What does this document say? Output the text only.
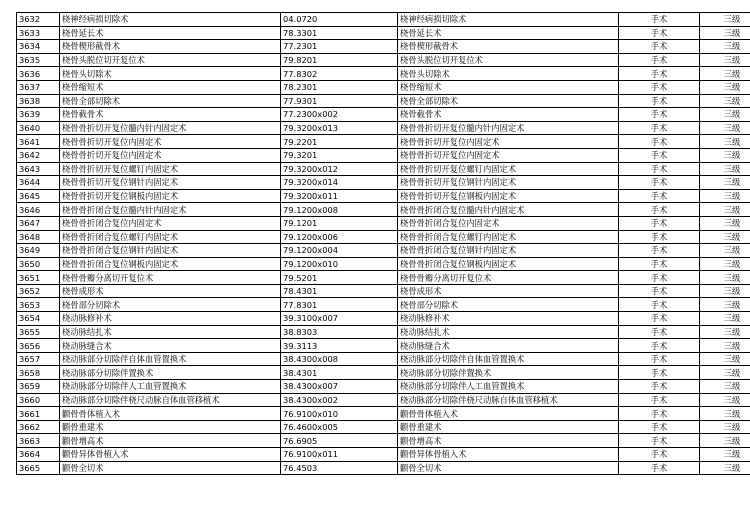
3632	桡神经病损切除术	04.0720	桡神经病损切除术	手术	三级
3633	桡骨延长术	78.3301	桡骨延长术	手术	三级
3634	桡骨楔形截骨术	77.2301	桡骨楔形截骨术	手术	三级
3635	桡骨头脱位切开复位术	79.8201	桡骨头脱位切开复位术	手术	三级
3636	桡骨头切除术	77.8302	桡骨头切除术	手术	三级
3637	桡骨缩短术	78.2301	桡骨缩短术	手术	三级
3638	桡骨全部切除术	77.9301	桡骨全部切除术	手术	三级
3639	桡骨截骨术	77.2300x002	桡骨截骨术	手术	三级
3640	桡骨骨折切开复位髓内针内固定术	79.3200x013	桡骨骨折切开复位髓内针内固定术	手术	三级
3641	桡骨骨折切开复位内固定术	79.2201	桡骨骨折切开复位内固定术	手术	三级
3642	桡骨骨折切开复位内固定术	79.3201	桡骨骨折切开复位内固定术	手术	三级
3643	桡骨骨折切开复位螺钉内固定术	79.3200x012	桡骨骨折切开复位螺钉内固定术	手术	三级
3644	桡骨骨折切开复位钢针内固定术	79.3200x014	桡骨骨折切开复位钢针内固定术	手术	三级
3645	桡骨骨折切开复位钢板内固定术	79.3200x011	桡骨骨折切开复位钢板内固定术	手术	三级
3646	桡骨骨折闭合复位髓内针内固定术	79.1200x008	桡骨骨折闭合复位髓内针内固定术	手术	三级
3647	桡骨骨折闭合复位内固定术	79.1201	桡骨骨折闭合复位内固定术	手术	三级
3648	桡骨骨折闭合复位螺钉内固定术	79.1200x006	桡骨骨折闭合复位螺钉内固定术	手术	三级
3649	桡骨骨折闭合复位钢针内固定术	79.1200x004	桡骨骨折闭合复位钢针内固定术	手术	三级
3650	桡骨骨折闭合复位钢板内固定术	79.1200x010	桡骨骨折闭合复位钢板内固定术	手术	三级
3651	桡骨骨瓣分离切开复位术	79.5201	桡骨骨瓣分离切开复位术	手术	三级
3652	桡骨成形术	78.4301	桡骨成形术	手术	三级
3653	桡骨部分切除术	77.8301	桡骨部分切除术	手术	三级
3654	桡动脉修补术	39.3100x007	桡动脉修补术	手术	三级
3655	桡动脉结扎术	38.8303	桡动脉结扎术	手术	三级
3656	桡动脉缝合术	39.3113	桡动脉缝合术	手术	三级
3657	桡动脉部分切除伴自体血管置换术	38.4300x008	桡动脉部分切除伴自体血管置换术	手术	三级
3658	桡动脉部分切除伴置换术	38.4301	桡动脉部分切除伴置换术	手术	三级
3659	桡动脉部分切除伴人工血管置换术	38.4300x007	桡动脉部分切除伴人工血管置换术	手术	三级
3660	桡动脉部分切除伴桡尺动脉自体血管移植术	38.4300x002	桡动脉部分切除伴桡尺动脉自体血管移植术	手术	三级
3661	颧骨骨体植入术	76.9100x010	颧骨骨体植入术	手术	三级
3662	颧骨重建术	76.4600x005	颧骨重建术	手术	三级
3663	颧骨增高术	76.6905	颧骨增高术	手术	三级
3664	颧骨异体骨植入术	76.9100x011	颧骨异体骨植入术	手术	三级
3665	颧骨全切术	76.4503	颧骨全切术	手术	三级
